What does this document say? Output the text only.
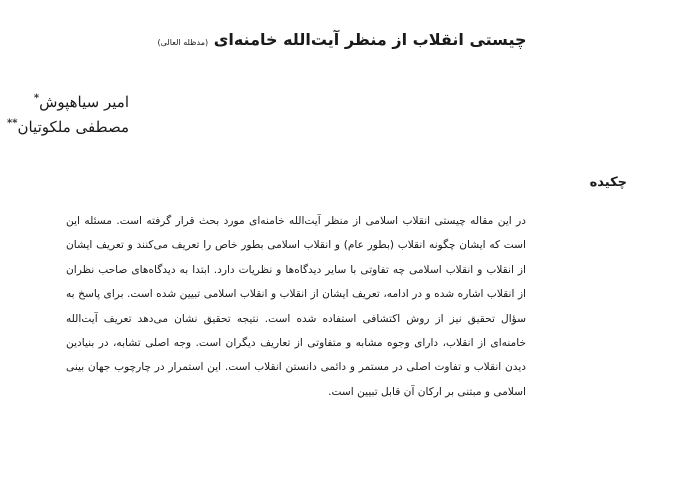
چیستی انقلاب از منظر آیت‌الله خامنه‌ای (مدظله العالی)
امیر سیاهپوش*
مصطفی ملکوتیان**
چکیده
در این مقاله چیستی انقلاب اسلامی از منظر آیت‌الله خامنه‌ای مورد بحث قرار گرفته است. مسئله این است که ایشان چگونه انقلاب (بطور عام) و انقلاب اسلامی بطور خاص را تعریف می‌کنند و تعریف ایشان از انقلاب و انقلاب اسلامی چه تفاوتی با سایر دیدگاه‌ها و نظریات دارد. ابتدا به دیدگاه‌های صاحب نظران از انقلاب اشاره شده و در ادامه، تعریف ایشان از انقلاب و انقلاب اسلامی تبیین شده است. برای پاسخ به سؤال تحقیق نیز از روش اکتشافی استفاده شده است. نتیجه تحقیق نشان می‌دهد تعریف آیت‌الله خامنه‌ای از انقلاب، دارای وجوه مشابه و متفاوتی از تعاریف دیگران است. وجه اصلی تشابه، در بنیادین دیدن انقلاب و تفاوت اصلی در مستمر و دائمی دانستن انقلاب است. این استمرار در چارچوب جهان بینی اسلامی و مبتنی بر ارکان آن قابل تبیین است.
